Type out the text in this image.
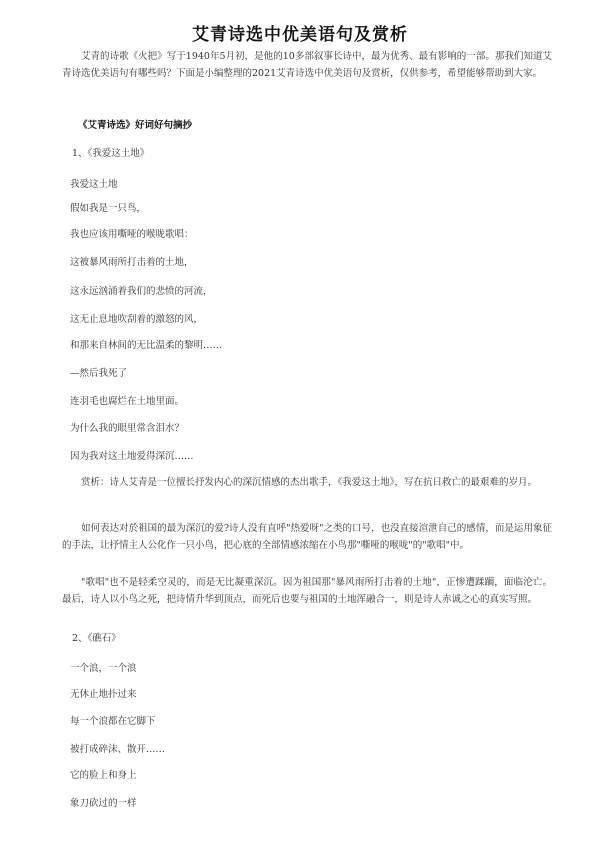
艾青诗选中优美语句及赏析
艾青的诗歌《火把》写于1940年5月初，是他的10多部叙事长诗中，最为优秀、最有影响的一部。那我们知道艾青诗选优美语句有哪些吗？下面是小编整理的2021艾青诗选中优美语句及赏析，仅供参考，希望能够帮助到大家。
《艾青诗选》好词好句摘抄
1、《我爱这土地》
我爱这土地
假如我是一只鸟，
我也应该用嘶哑的喉咙歌唱：
这被暴风雨所打击着的土地，
这永远汹涌着我们的悲愤的河流，
这无止息地吹刮着的激怒的风，
和那来自林间的无比温柔的黎明……
—然后我死了
连羽毛也腐烂在土地里面。
为什么我的眼里常含泪水？
因为我对这土地爱得深沉……
赏析：诗人艾青是一位擅长抒发内心的深沉情感的杰出歌手，《我爱这土地》，写在抗日救亡的最艰难的岁月。
如何表达对於祖国的最为深沉的爱?诗人没有直呼"热爱呀"之类的口号，也没直接渲泄自己的感情，而是运用象征的手法，让抒情主人公化作一只小鸟，把心底的全部情感浓缩在小鸟那"嘶哑的喉咙"的"歌唱"中。
"歌唱"也不是轻柔空灵的，而是无比凝重深沉。因为祖国那"暴风雨所打击着的土地"，正惨遭蹂躏，面临沦亡。最后，诗人以小鸟之死，把诗情升华到顶点，而死后也要与祖国的土地浑融合一，则是诗人赤诚之心的真实写照。
2、《礁石》
一个浪，一个浪
无休止地扑过来
每一个浪都在它脚下
被打成碎沫、散开……
它的脸上和身上
象刀砍过的一样
